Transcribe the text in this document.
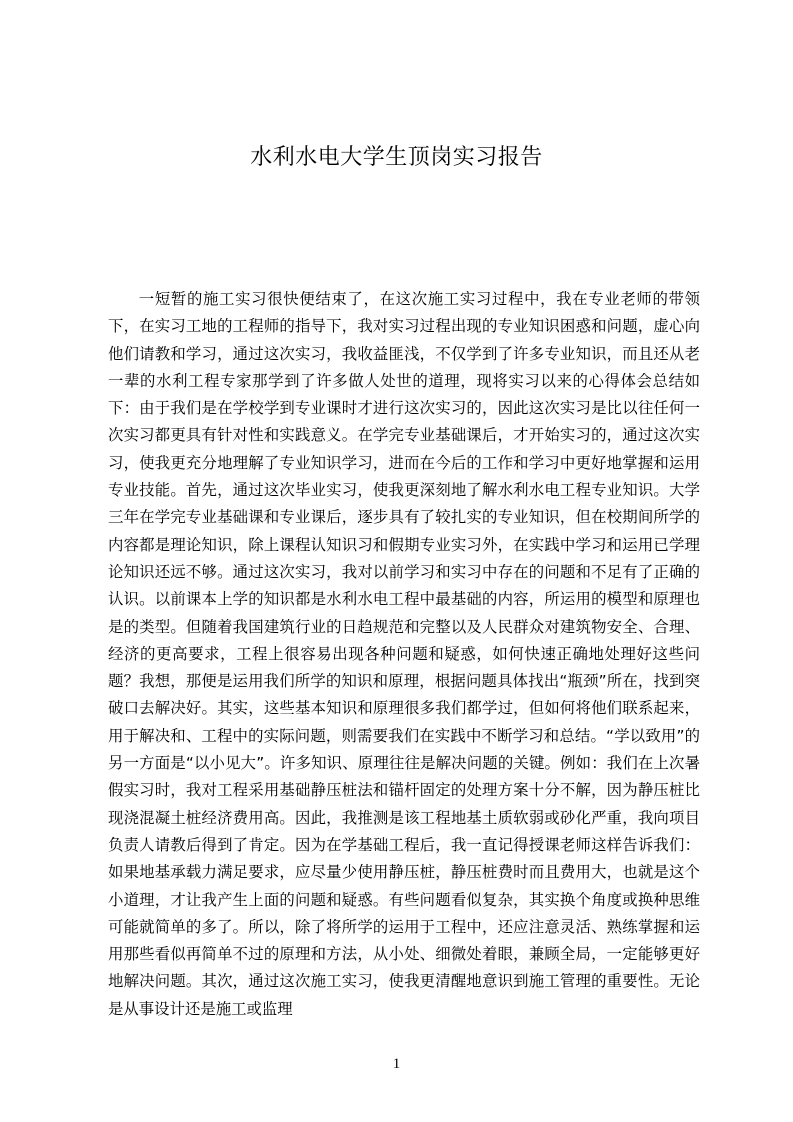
水利水电大学生顶岗实习报告

一短暂的施工实习很快便结束了，在这次施工实习过程中，我在专业老师的带领下，在实习工地的工程师的指导下，我对实习过程出现的专业知识困惑和问题，虚心向他们请教和学习，通过这次实习，我收益匪浅，不仅学到了许多专业知识，而且还从老一辈的水利工程专家那学到了许多做人处世的道理，现将实习以来的心得体会总结如下：由于我们是在学校学到专业课时才进行这次实习的，因此这次实习是比以往任何一次实习都更具有针对性和实践意义。在学完专业基础课后，才开始实习的，通过这次实习，使我更充分地理解了专业知识学习，进而在今后的工作和学习中更好地掌握和运用专业技能。首先，通过这次毕业实习，使我更深刻地了解水利水电工程专业知识。大学三年在学完专业基础课和专业课后，逐步具有了较扎实的专业知识，但在校期间所学的内容都是理论知识，除上课程认知识习和假期专业实习外，在实践中学习和运用已学理论知识还远不够。通过这次实习，我对以前学习和实习中存在的问题和不足有了正确的认识。以前课本上学的知识都是水利水电工程中最基础的内容，所运用的模型和原理也是的类型。但随着我国建筑行业的日趋规范和完整以及人民群众对建筑物安全、合理、经济的更高要求，工程上很容易出现各种问题和疑惑，如何快速正确地处理好这些问题？我想，那便是运用我们所学的知识和原理，根据问题具体找出“瓶颈”所在，找到突破口去解决好。其实，这些基本知识和原理很多我们都学过，但如何将他们联系起来，用于解决和、工程中的实际问题，则需要我们在实践中不断学习和总结。“学以致用”的另一方面是“以小见大”。许多知识、原理往往是解决问题的关键。例如：我们在上次暑假实习时，我对工程采用基础静压桩法和锚杆固定的处理方案十分不解，因为静压桩比现浇混凝土桩经济费用高。因此，我推测是该工程地基土质软弱或砂化严重，我向项目负责人请教后得到了肯定。因为在学基础工程后，我一直记得授课老师这样告诉我们：如果地基承载力满足要求，应尽量少使用静压桩，静压桩费时而且费用大，也就是这个小道理，才让我产生上面的问题和疑惑。有些问题看似复杂，其实换个角度或换种思维可能就简单的多了。所以，除了将所学的运用于工程中，还应注意灵活、熟练掌握和运用那些看似再简单不过的原理和方法，从小处、细微处着眼，兼顾全局，一定能够更好地解决问题。其次，通过这次施工实习，使我更清醒地意识到施工管理的重要性。无论是从事设计还是施工或监理

1
